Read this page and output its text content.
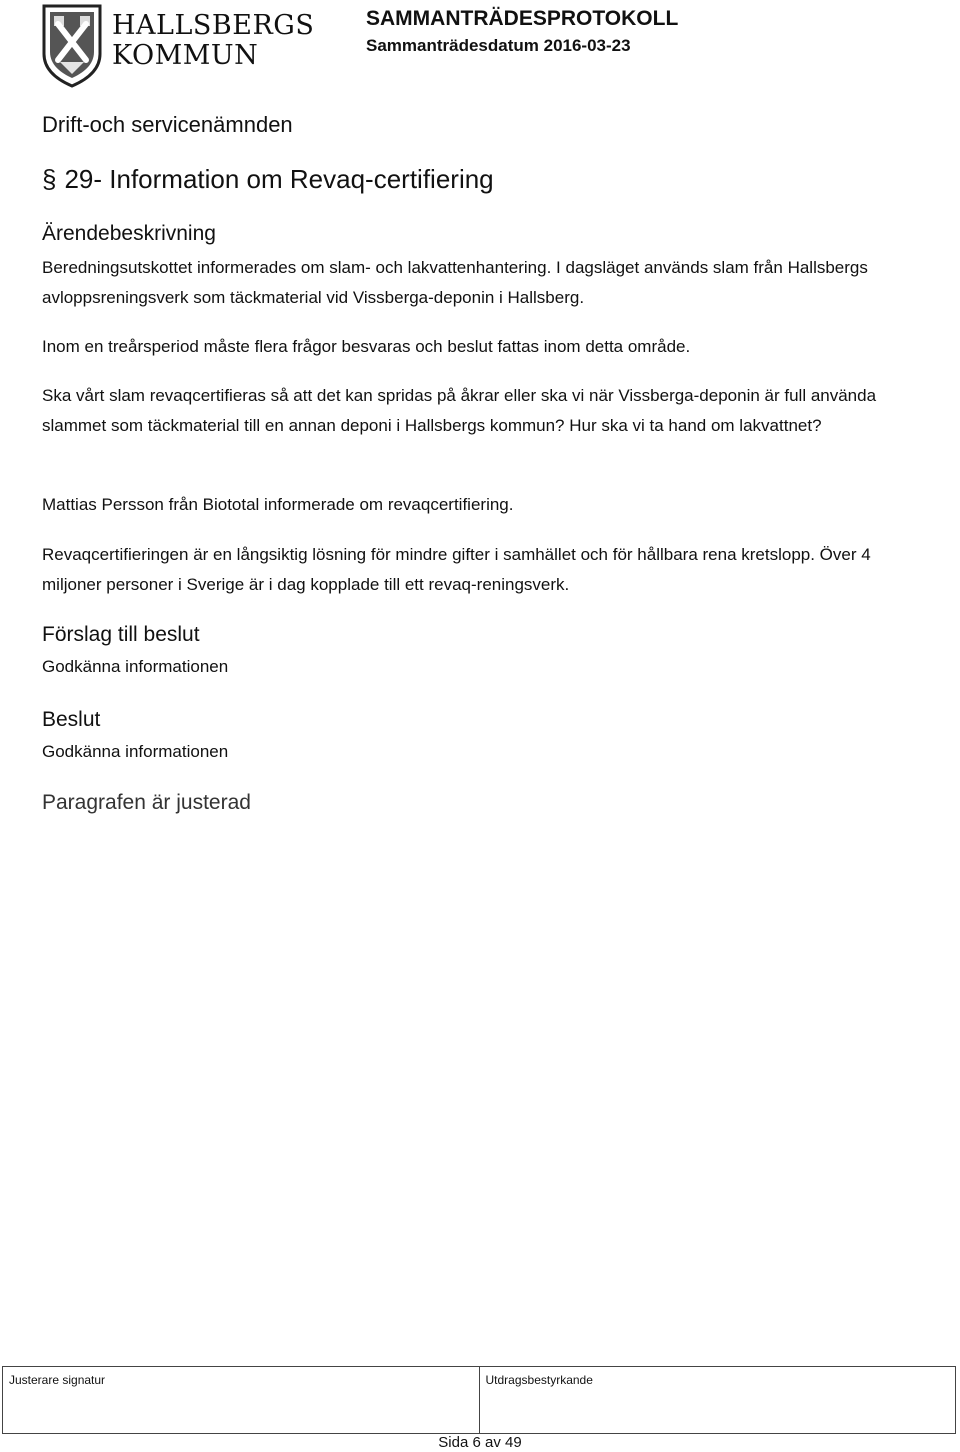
HALLSBERGS
KOMMUN
SAMMANTRÄDESPROTOKOLL
Sammanträdesdatum 2016-03-23
Drift-och servicenämnden
§ 29- Information om Revaq-certifiering
Ärendebeskrivning

Beredningsutskottet informerades om slam- och lakvattenhantering. I dagsläget används slam från Hallsbergs avloppsreningsverk som täckmaterial vid Vissberga-deponin i Hallsberg.

Inom en treårsperiod måste flera frågor besvaras och beslut fattas inom detta område.

Ska vårt slam revaqcertifieras så att det kan spridas på åkrar eller ska vi när Vissberga-deponin är full använda slammet som täckmaterial till en annan deponi i Hallsbergs kommun? Hur ska vi ta hand om lakvattnet?

Mattias Persson från Biototal informerade om revaqcertifiering.

Revaqcertifieringen är en långsiktig lösning för mindre gifter i samhället och för hållbara rena kretslopp. Över 4 miljoner personer i Sverige är i dag kopplade till ett revaq-reningsverk.

Förslag till beslut

Godkänna informationen

Beslut

Godkänna informationen

Paragrafen är justerad
Justerare signatur	Utdragsbestyrkande
Sida 6 av 49
